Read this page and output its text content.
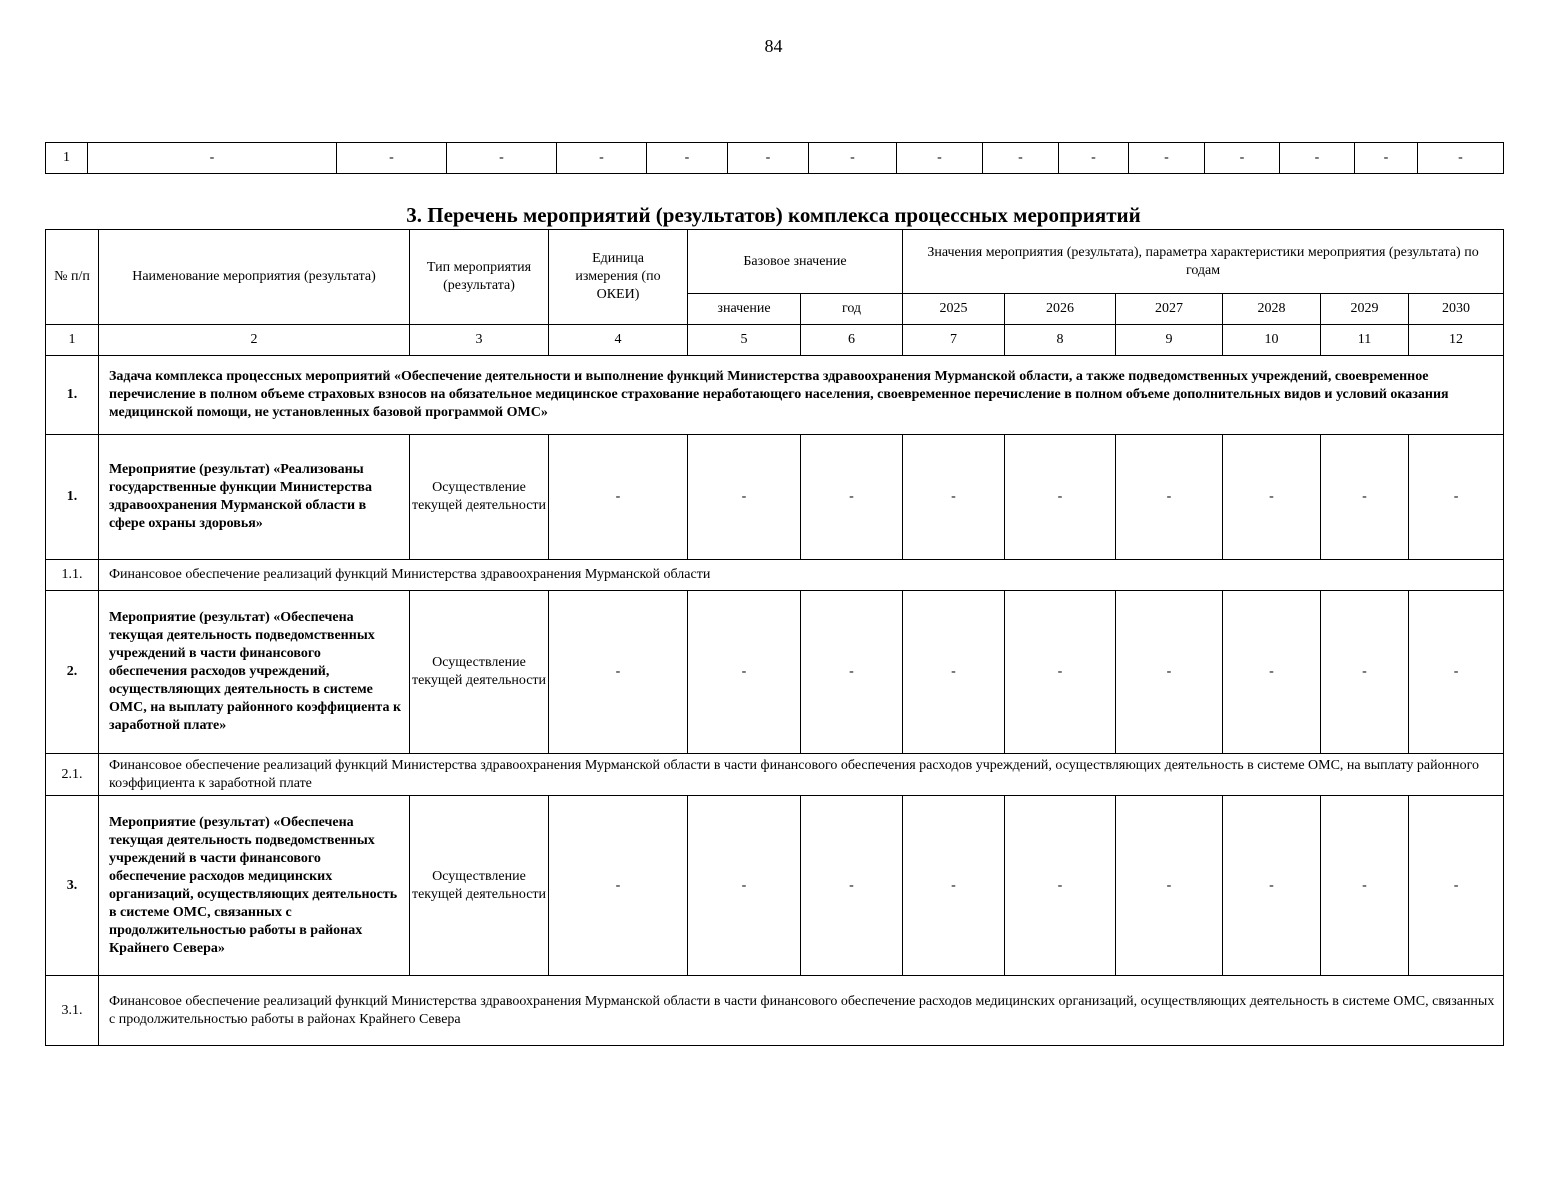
84
1	-	-	-	-	-	-	-	-	-	-	-	-	-	-	-
3. Перечень мероприятий (результатов) комплекса процессных мероприятий
№ п/п	Наименование мероприятия (результата)	Тип мероприятия (результата)	Единица измерения (по ОКЕИ)	Базовое значение		Значения мероприятия (результата), параметра характеристики мероприятия (результата) по годам					
				значение	год	2025	2026	2027	2028	2029	2030
1	2	3	4	5	6	7	8	9	10	11	12
1.	Задача комплекса процессных мероприятий «Обеспечение деятельности и выполнение функций Министерства здравоохранения Мурманской области, а также подведомственных учреждений, своевременное перечисление в полном объеме страховых взносов на обязательное медицинское страхование неработающего населения, своевременное перечисление в полном объеме дополнительных видов и условий оказания медицинской помощи, не установленных базовой программой ОМС»										
1.	Мероприятие (результат) «Реализованы государственные функции Министерства здравоохранения Мурманской области в сфере охраны здоровья»	Осуществление текущей деятельности	-	-	-	-	-	-	-	-	-
1.1.	Финансовое обеспечение реализаций функций Министерства здравоохранения Мурманской области										
2.	Мероприятие (результат) «Обеспечена текущая деятельность подведомственных учреждений в части финансового обеспечения расходов учреждений, осуществляющих деятельность в системе ОМС, на выплату районного коэффициента к заработной плате»	Осуществление текущей деятельности	-	-	-	-	-	-	-	-	-
2.1.	Финансовое обеспечение реализаций функций Министерства здравоохранения Мурманской области в части финансового обеспечения расходов учреждений, осуществляющих деятельность в системе ОМС, на выплату районного коэффициента к заработной плате										
3.	Мероприятие (результат) «Обеспечена текущая деятельность подведомственных учреждений в части финансового обеспечение расходов медицинских организаций, осуществляющих деятельность в системе ОМС, связанных с продолжительностью работы в районах Крайнего Севера»	Осуществление текущей деятельности	-	-	-	-	-	-	-	-	-
3.1.	Финансовое обеспечение реализаций функций Министерства здравоохранения Мурманской области в части финансового обеспечение расходов медицинских организаций, осуществляющих деятельность в системе ОМС, связанных с продолжительностью работы в районах Крайнего Севера										
